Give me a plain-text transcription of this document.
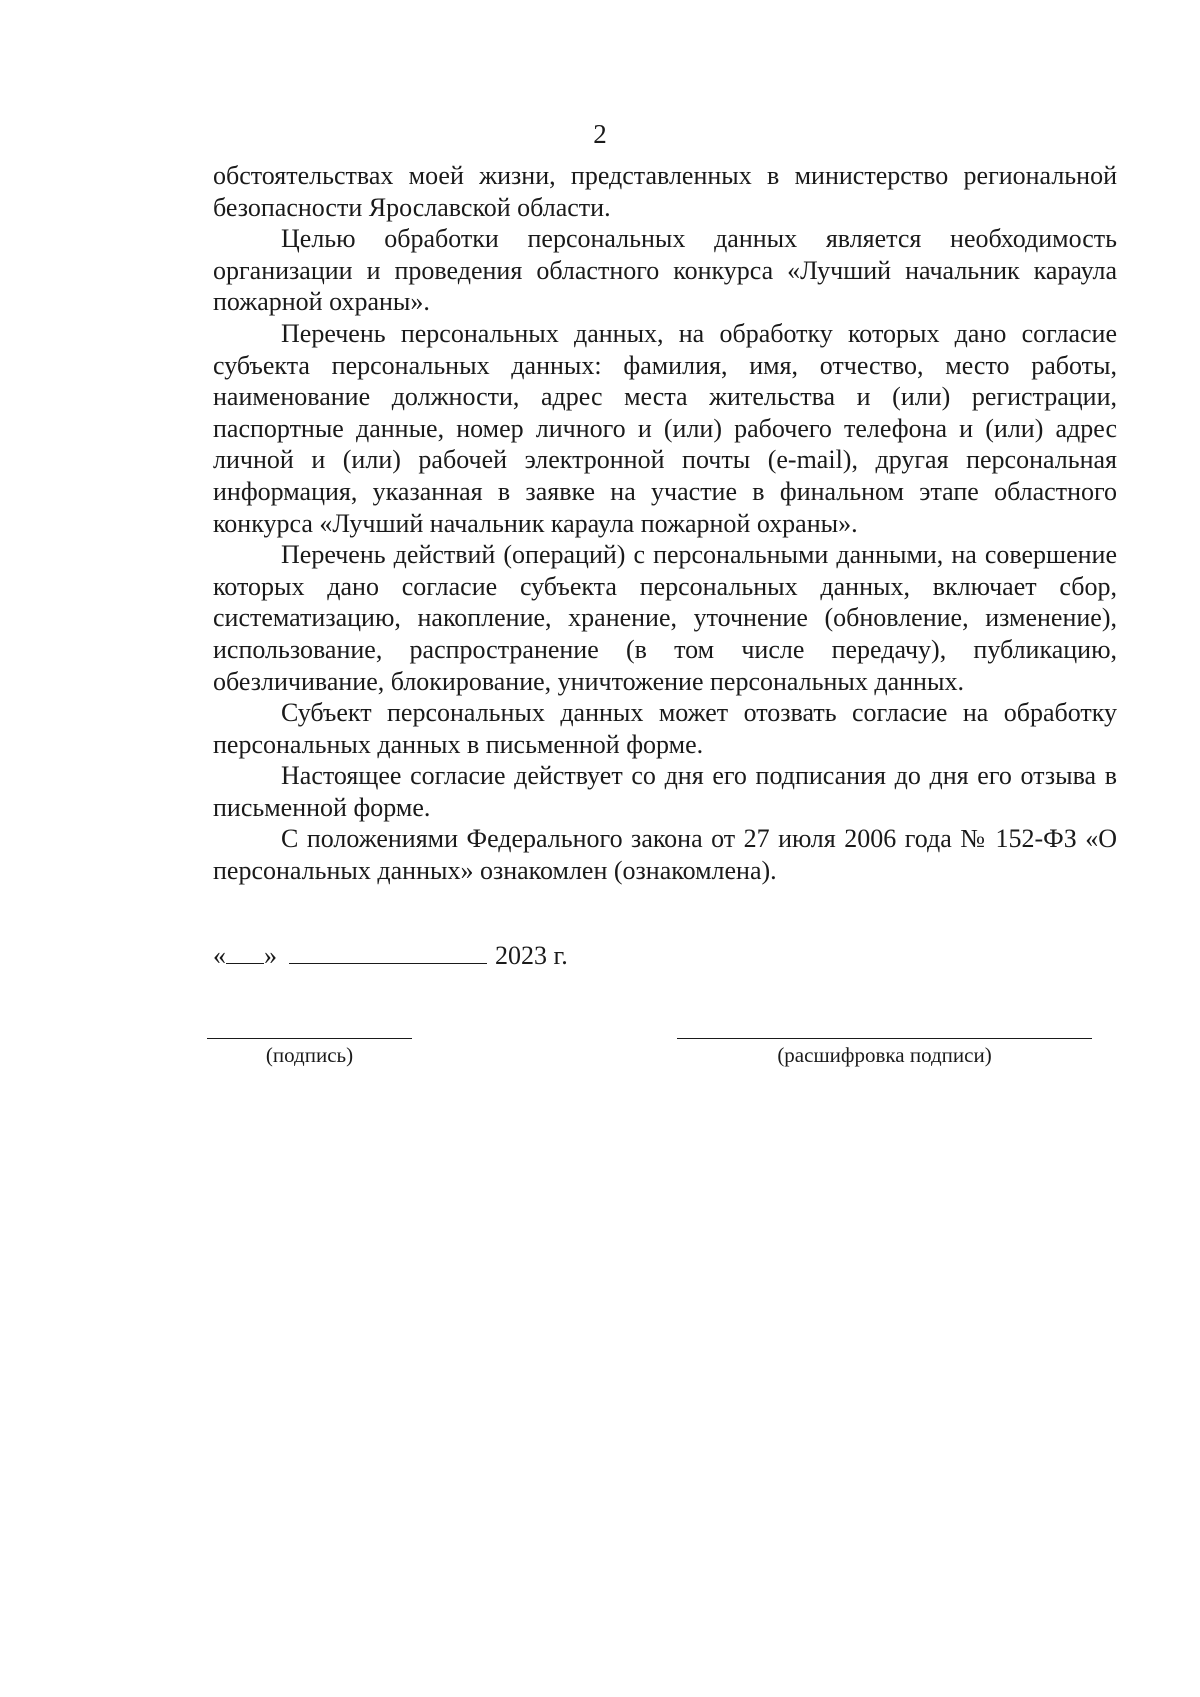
2

обстоятельствах моей жизни, представленных в министерство региональной безопасности Ярославской области.

Целью обработки персональных данных является необходимость организации и проведения областного конкурса «Лучший начальник караула пожарной охраны».

Перечень персональных данных, на обработку которых дано согласие субъекта персональных данных: фамилия, имя, отчество, место работы, наименование должности, адрес места жительства и (или) регистрации, паспортные данные, номер личного и (или) рабочего телефона и (или) адрес личной и (или) рабочей электронной почты (e-mail), другая персональная информация, указанная в заявке на участие в финальном этапе областного конкурса «Лучший начальник караула пожарной охраны».

Перечень действий (операций) с персональными данными, на совершение которых дано согласие субъекта персональных данных, включает сбор, систематизацию, накопление, хранение, уточнение (обновление, изменение), использование, распространение (в том числе передачу), публикацию, обезличивание, блокирование, уничтожение персональных данных.

Субъект персональных данных может отозвать согласие на обработку персональных данных в письменной форме.

Настоящее согласие действует со дня его подписания до дня его отзыва в письменной форме.

С положениями Федерального закона от 27 июля 2006 года № 152-ФЗ «О персональных данных» ознакомлен (ознакомлена).

« »	2023 г.
(подпись)	(расшифровка подписи)
